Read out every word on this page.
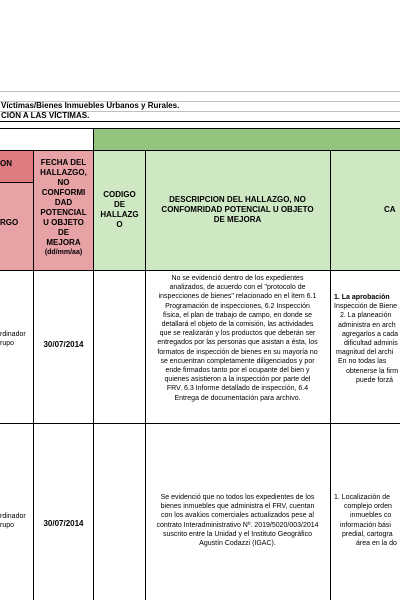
Víctimas/Bienes Inmuebles Urbanos y Rurales.
CIÓN A LAS VÍCTIMAS.
ON
RGO
FECHA DEL
HALLAZGO,
NO
CONFORMI
DAD
POTENCIAL
U OBJETO
DE
MEJORA
(dd/mm/aa)
CODIGO
DE
HALLAZG
O
DESCRIPCION DEL HALLAZGO, NO
CONFOMRIDAD POTENCIAL U OBJETO
DE MEJORA
CA
rdinador
rupo	30/07/2014
No se evidenció dentro de los expedientes
analizados, de acuerdo con el "protocolo de
inspecciones de bienes" relacionado en el ítem 6.1
Programación de inspecciones, 6.2 Inspección
física, el plan de trabajo de campo, en donde se
detallará el objeto de la comisión, las actividades
que se realizarán y los productos que deberán ser
entregados por las personas que asistan a ésta, los
formatos de inspección de bienes en su mayoría no
se encuentran completamente diligenciados y por
ende firmados tanto por el ocupante del bien y
quienes asistieron a la inspección por parte del
FRV. 6.3 Informe detallado de inspección, 6.4
Entrega de documentación para archivo.
1. La aprobación
Inspección de Biene
2. La planeación
administra en arch
agregarlos a cada
dificultad adminis
magnitud del archi
En no todas las
obtenerse la firm
puede forzá
rdinador
rupo	30/07/2014
Se evidenció que no todos los expedientes de los
bienes inmuebles que administra el FRV, cuentan
con los avalúos comerciales actualizados pese al
contrato Interadministrativo Nº. 2019/5020/003/2014
suscrito entre la Unidad y el Instituto Geográfico
Agustín Codazzi (IGAC).
1. Localización de
complejo orden
inmuebles co
información bási
predial, cartogra
área en la do
